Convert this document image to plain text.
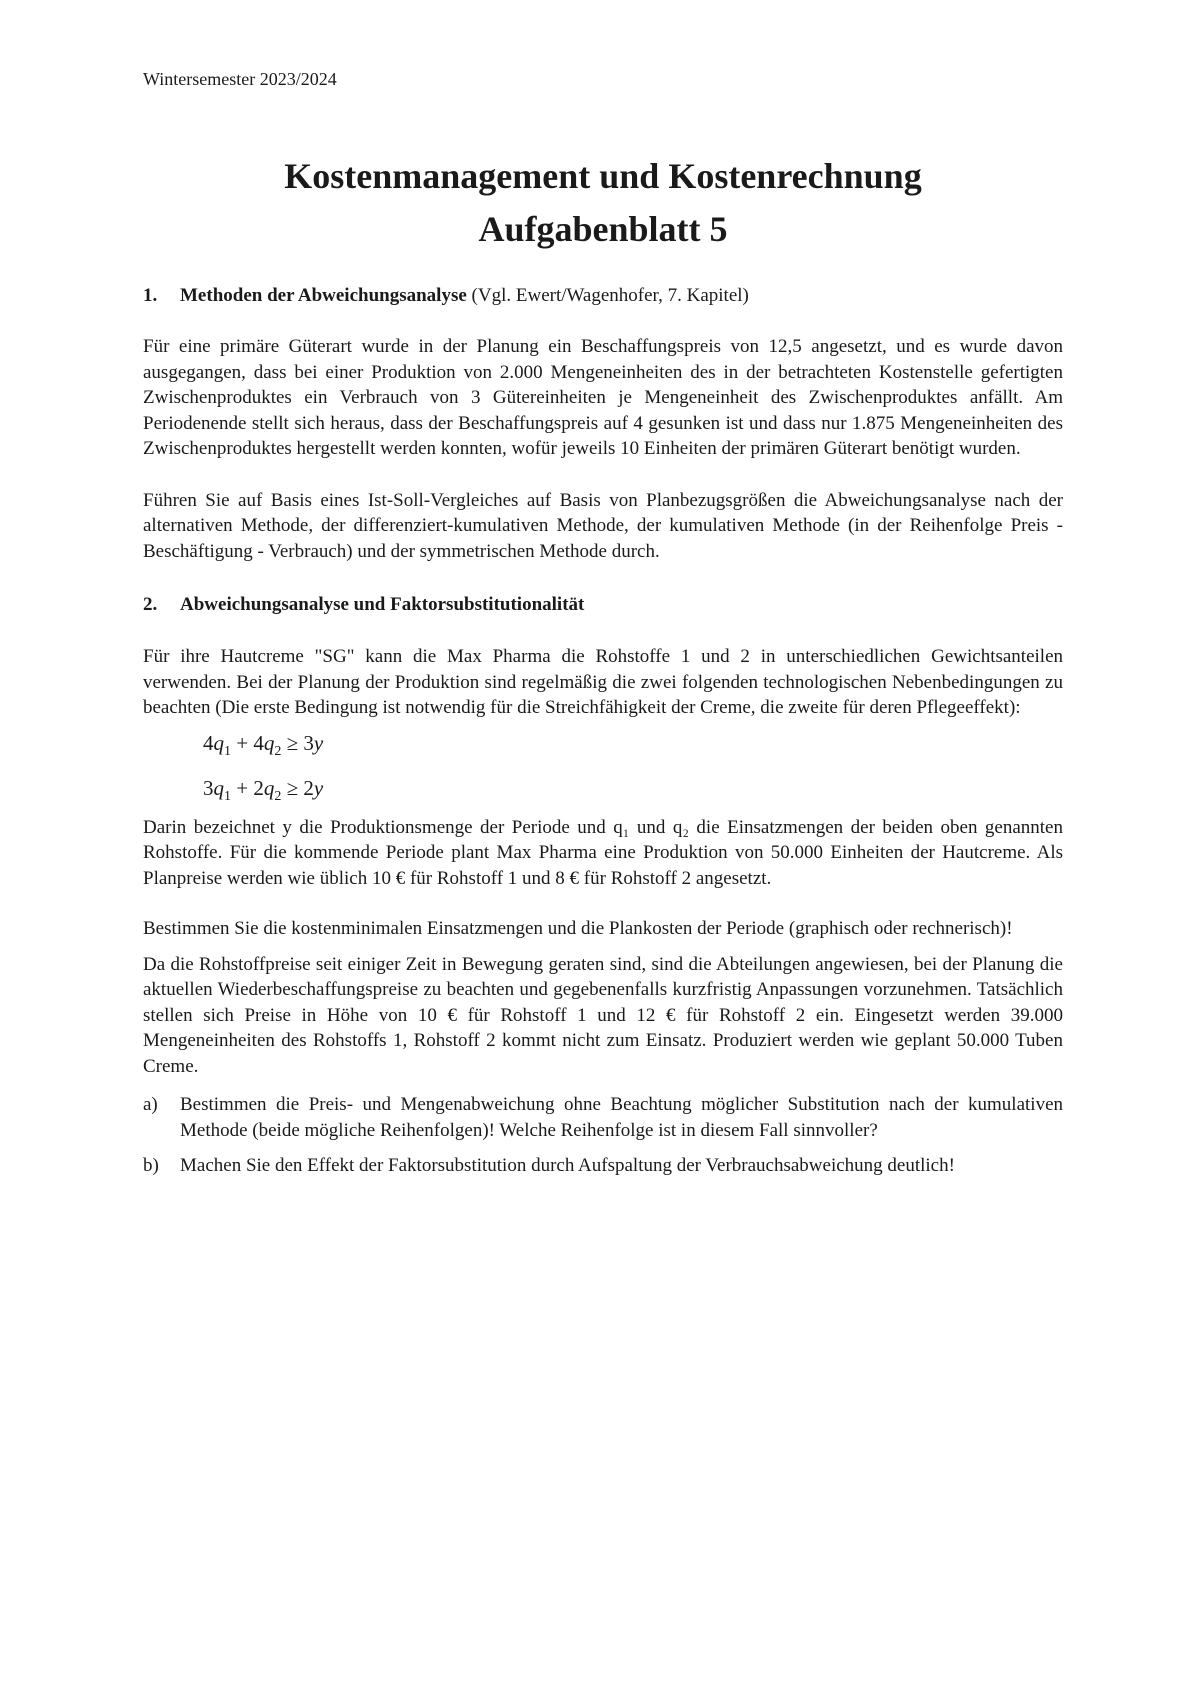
Wintersemester 2023/2024

Kostenmanagement und Kostenrechnung
Aufgabenblatt 5
1. Methoden der Abweichungsanalyse (Vgl. Ewert/Wagenhofer, 7. Kapitel)

Für eine primäre Güterart wurde in der Planung ein Beschaffungspreis von 12,5 angesetzt, und es wurde davon ausgegangen, dass bei einer Produktion von 2.000 Mengeneinheiten des in der betrachteten Kostenstelle gefertigten Zwischenproduktes ein Verbrauch von 3 Gütereinheiten je Mengeneinheit des Zwischenproduktes anfällt. Am Periodenende stellt sich heraus, dass der Beschaffungspreis auf 4 gesunken ist und dass nur 1.875 Mengeneinheiten des Zwischenproduktes hergestellt werden konnten, wofür jeweils 10 Einheiten der primären Güterart benötigt wurden.

Führen Sie auf Basis eines Ist-Soll-Vergleiches auf Basis von Planbezugsgrößen die Abweichungsanalyse nach der alternativen Methode, der differenziert-kumulativen Methode, der kumulativen Methode (in der Reihenfolge Preis - Beschäftigung - Verbrauch) und der symmetrischen Methode durch.

2. Abweichungsanalyse und Faktorsubstitutionalität

Für ihre Hautcreme "SG" kann die Max Pharma die Rohstoffe 1 und 2 in unterschiedlichen Gewichtsanteilen verwenden. Bei der Planung der Produktion sind regelmäßig die zwei folgenden technologischen Nebenbedingungen zu beachten (Die erste Bedingung ist notwendig für die Streichfähigkeit der Creme, die zweite für deren Pflegeeffekt):

$4q_1 + 4q_2 \ge 3y$
$3q_1 + 2q_2 \ge 2y$

Darin bezeichnet y die Produktionsmenge der Periode und q₁ und q₂ die Einsatzmengen der beiden oben genannten Rohstoffe. Für die kommende Periode plant Max Pharma eine Produktion von 50.000 Einheiten der Hautcreme. Als Planpreise werden wie üblich 10 € für Rohstoff 1 und 8 € für Rohstoff 2 angesetzt.

Bestimmen Sie die kostenminimalen Einsatzmengen und die Plankosten der Periode (graphisch oder rechnerisch)!

Da die Rohstoffpreise seit einiger Zeit in Bewegung geraten sind, sind die Abteilungen angewiesen, bei der Planung die aktuellen Wiederbeschaffungspreise zu beachten und gegebenenfalls kurzfristig Anpassungen vorzunehmen. Tatsächlich stellen sich Preise in Höhe von 10 € für Rohstoff 1 und 12 € für Rohstoff 2 ein. Eingesetzt werden 39.000 Mengeneinheiten des Rohstoffs 1, Rohstoff 2 kommt nicht zum Einsatz. Produziert werden wie geplant 50.000 Tuben Creme.

a) Bestimmen die Preis- und Mengenabweichung ohne Beachtung möglicher Substitution nach der kumulativen Methode (beide mögliche Reihenfolgen)! Welche Reihenfolge ist in diesem Fall sinnvoller?
b) Machen Sie den Effekt der Faktorsubstitution durch Aufspaltung der Verbrauchsabweichung deutlich!
